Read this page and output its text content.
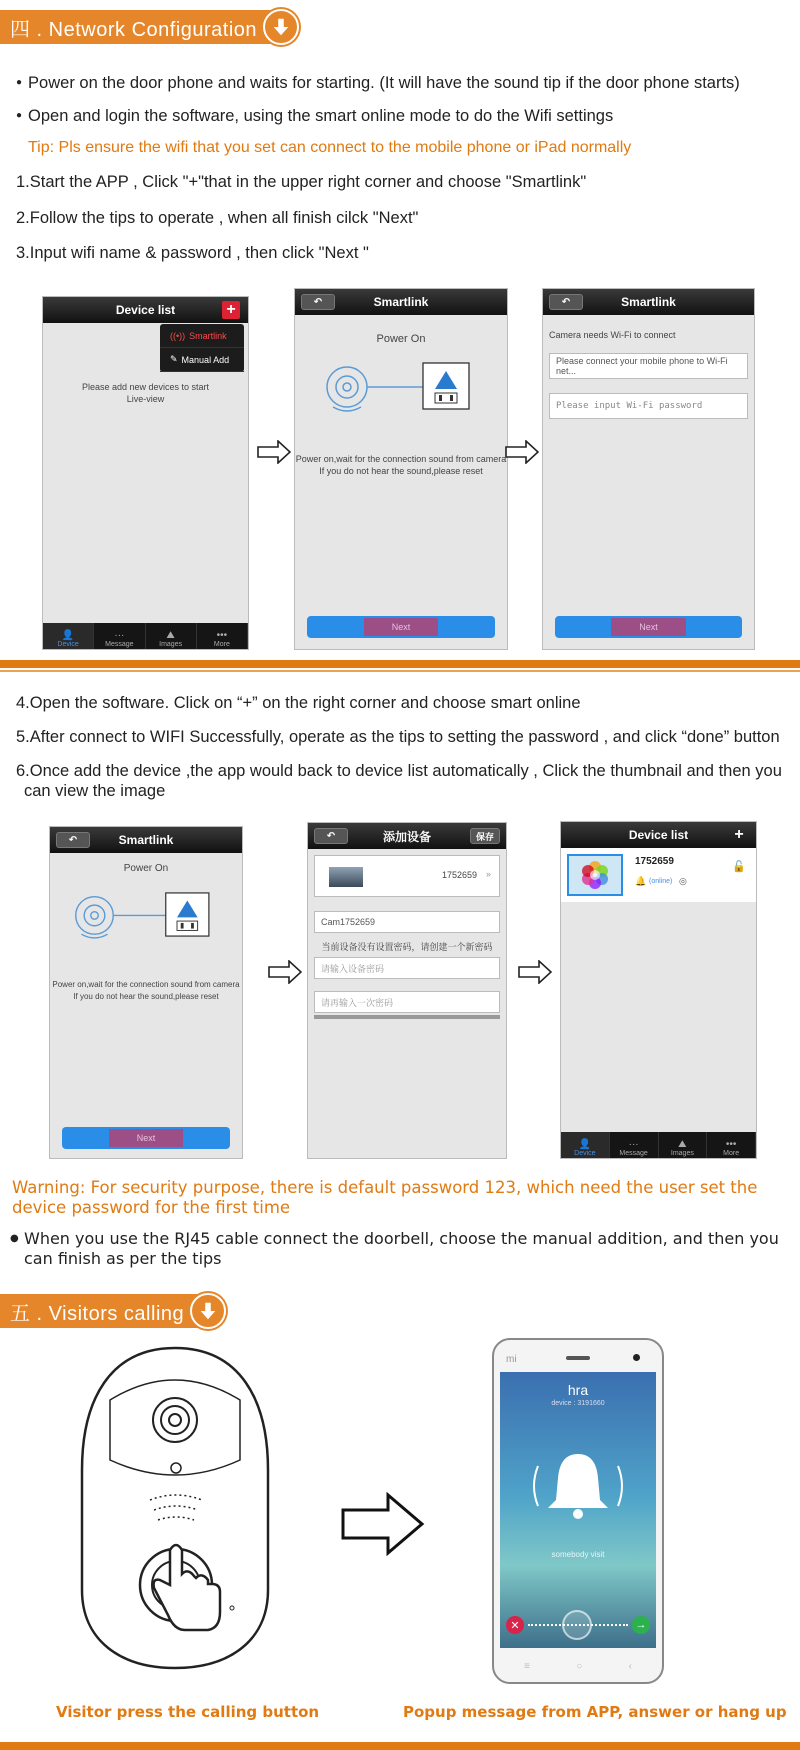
四 . Network Configuration
● Power on the door phone and waits for starting. (It will have the sound tip if the door phone starts)
● Open and login the software, using the smart online mode to do the Wifi settings
Tip: Pls ensure the wifi that you set can connect to the mobile phone or iPad normally
1.Start the APP , Click "+"that in the upper right corner and choose "Smartlink"
2.Follow the tips to operate , when all finish cilck "Next"
3.Input wifi name & password , then click "Next "
Device list	+
((•)) Smartlink
✎ Manual Add
Please add new devices to start
Live-view
👤
Device
···
Message
⛰
Images
•••
More
↶	Smartlink
Power On
Power on,wait for the connection sound from camera
If you do not hear the sound,please reset
Next
↶	Smartlink
Camera needs Wi-Fi to connect
Please connect your mobile phone to Wi-Fi net...
Please input Wi-Fi password
Next
4.Open the software. Click on “+” on the right corner and choose smart online
5.After connect to WIFI Successfully, operate as the tips to setting the password , and click “done” button
6.Once add the device ,the app would back to device list automatically , Click the thumbnail and then you
can view the image
↶	Smartlink
Power On
Power on,wait for the connection sound from camera
If you do not hear the sound,please reset
Next
↶	添加设备	保存
1752659 »
Cam1752659
当前设备没有设置密码，请创建一个新密码
请输入设备密码
请再输入一次密码
Device list	+
1752659
🔔 (online) ◎
🔓
👤
Device
···
Message
⛰
Images
•••
More
Warning: For security purpose, there is default password 123, which need the user set the device password for the first time
● When you use the RJ45 cable connect the doorbell, choose the manual addition, and then you can finish as per the tips
五 . Visitors calling
mi
hra
device : 3191660
somebody visit
✕	→
≡	○	‹
Visitor press the calling button	Popup message from APP, answer or hang up
